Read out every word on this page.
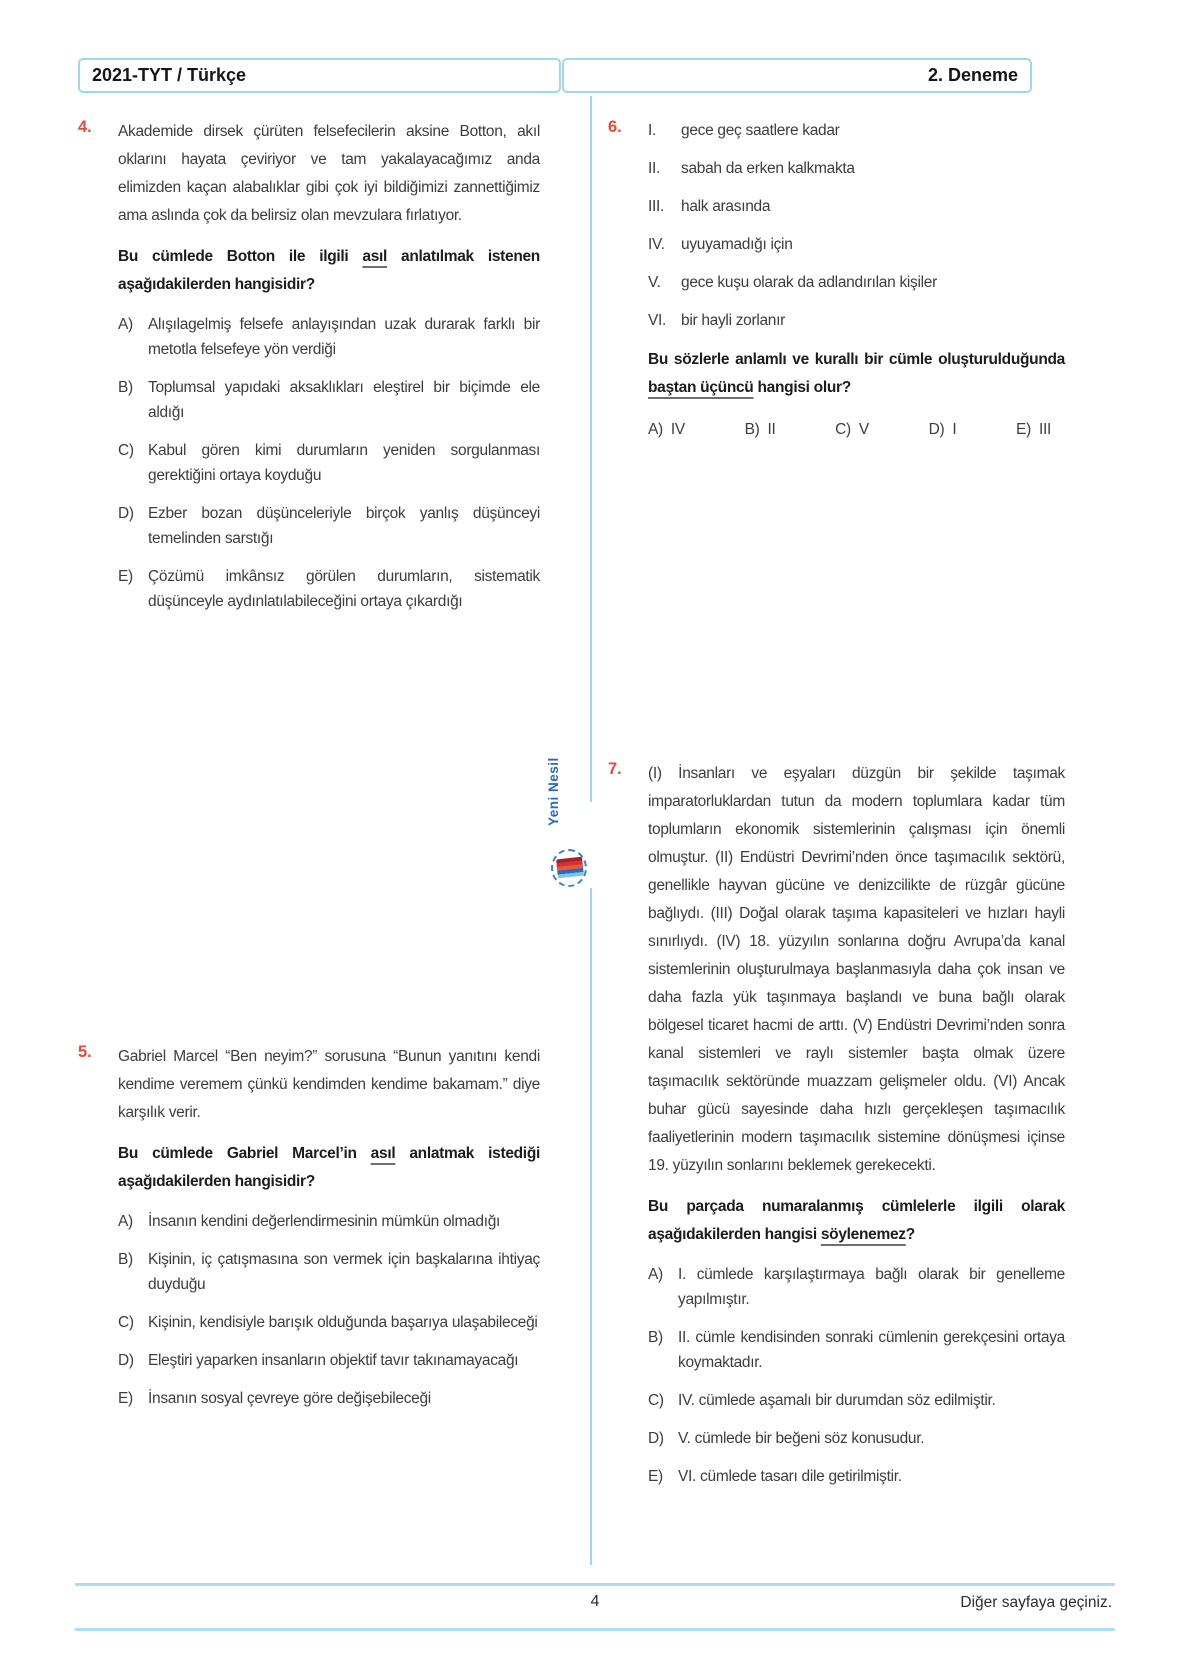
2021-TYT / Türkçe	2. Deneme
4. Akademide dirsek çürüten felsefecilerin aksine Botton, akıl oklarını hayata çeviriyor ve tam yakalayacağımız anda elimizden kaçan alabalıklar gibi çok iyi bildiğimizi zannettiğimiz ama aslında çok da belirsiz olan mevzulara fırlatıyor.
Bu cümlede Botton ile ilgili asıl anlatılmak istenen aşağıdakilerden hangisidir?
A) Alışılagelmiş felsefe anlayışından uzak durarak farklı bir metotla felsefeye yön verdiği
B) Toplumsal yapıdaki aksaklıkları eleştirel bir biçimde ele aldığı
C) Kabul gören kimi durumların yeniden sorgulanması gerektiğini ortaya koyduğu
D) Ezber bozan düşünceleriyle birçok yanlış düşünceyi temelinden sarstığı
E) Çözümü imkânsız görülen durumların, sistematik düşünceyle aydınlatılabileceğini ortaya çıkardığı
5. Gabriel Marcel “Ben neyim?” sorusuna “Bunun yanıtını kendi kendime veremem çünkü kendimden kendime bakamam.” diye karşılık verir.
Bu cümlede Gabriel Marcel’in asıl anlatmak istediği aşağıdakilerden hangisidir?
A) İnsanın kendini değerlendirmesinin mümkün olmadığı
B) Kişinin, iç çatışmasına son vermek için başkalarına ihtiyaç duyduğu
C) Kişinin, kendisiyle barışık olduğunda başarıya ulaşabileceği
D) Eleştiri yaparken insanların objektif tavır takınamayacağı
E) İnsanın sosyal çevreye göre değişebileceği
Yeni Nesil
6. I. gece geç saatlere kadar
II. sabah da erken kalkmakta
III. halk arasında
IV. uyuyamadığı için
V. gece kuşu olarak da adlandırılan kişiler
VI. bir hayli zorlanır
Bu sözlerle anlamlı ve kurallı bir cümle oluşturulduğunda baştan üçüncü hangisi olur?
A) IV	B) II	C) V	D) I	E) III
7. (I) İnsanları ve eşyaları düzgün bir şekilde taşımak imparatorluklardan tutun da modern toplumlara kadar tüm toplumların ekonomik sistemlerinin çalışması için önemli olmuştur. (II) Endüstri Devrimi’nden önce taşımacılık sektörü, genellikle hayvan gücüne ve denizcilikte de rüzgâr gücüne bağlıydı. (III) Doğal olarak taşıma kapasiteleri ve hızları hayli sınırlıydı. (IV) 18. yüzyılın sonlarına doğru Avrupa’da kanal sistemlerinin oluşturulmaya başlanmasıyla daha çok insan ve daha fazla yük taşınmaya başlandı ve buna bağlı olarak bölgesel ticaret hacmi de arttı. (V) Endüstri Devrimi’nden sonra kanal sistemleri ve raylı sistemler başta olmak üzere taşımacılık sektöründe muazzam gelişmeler oldu. (VI) Ancak buhar gücü sayesinde daha hızlı gerçekleşen taşımacılık faaliyetlerinin modern taşımacılık sistemine dönüşmesi içinse 19. yüzyılın sonlarını beklemek gerekecekti.
Bu parçada numaralanmış cümlelerle ilgili olarak aşağıdakilerden hangisi söylenemez?
A) I. cümlede karşılaştırmaya bağlı olarak bir genelleme yapılmıştır.
B) II. cümle kendisinden sonraki cümlenin gerekçesini ortaya koymaktadır.
C) IV. cümlede aşamalı bir durumdan söz edilmiştir.
D) V. cümlede bir beğeni söz konusudur.
E) VI. cümlede tasarı dile getirilmiştir.
4	Diğer sayfaya geçiniz.
